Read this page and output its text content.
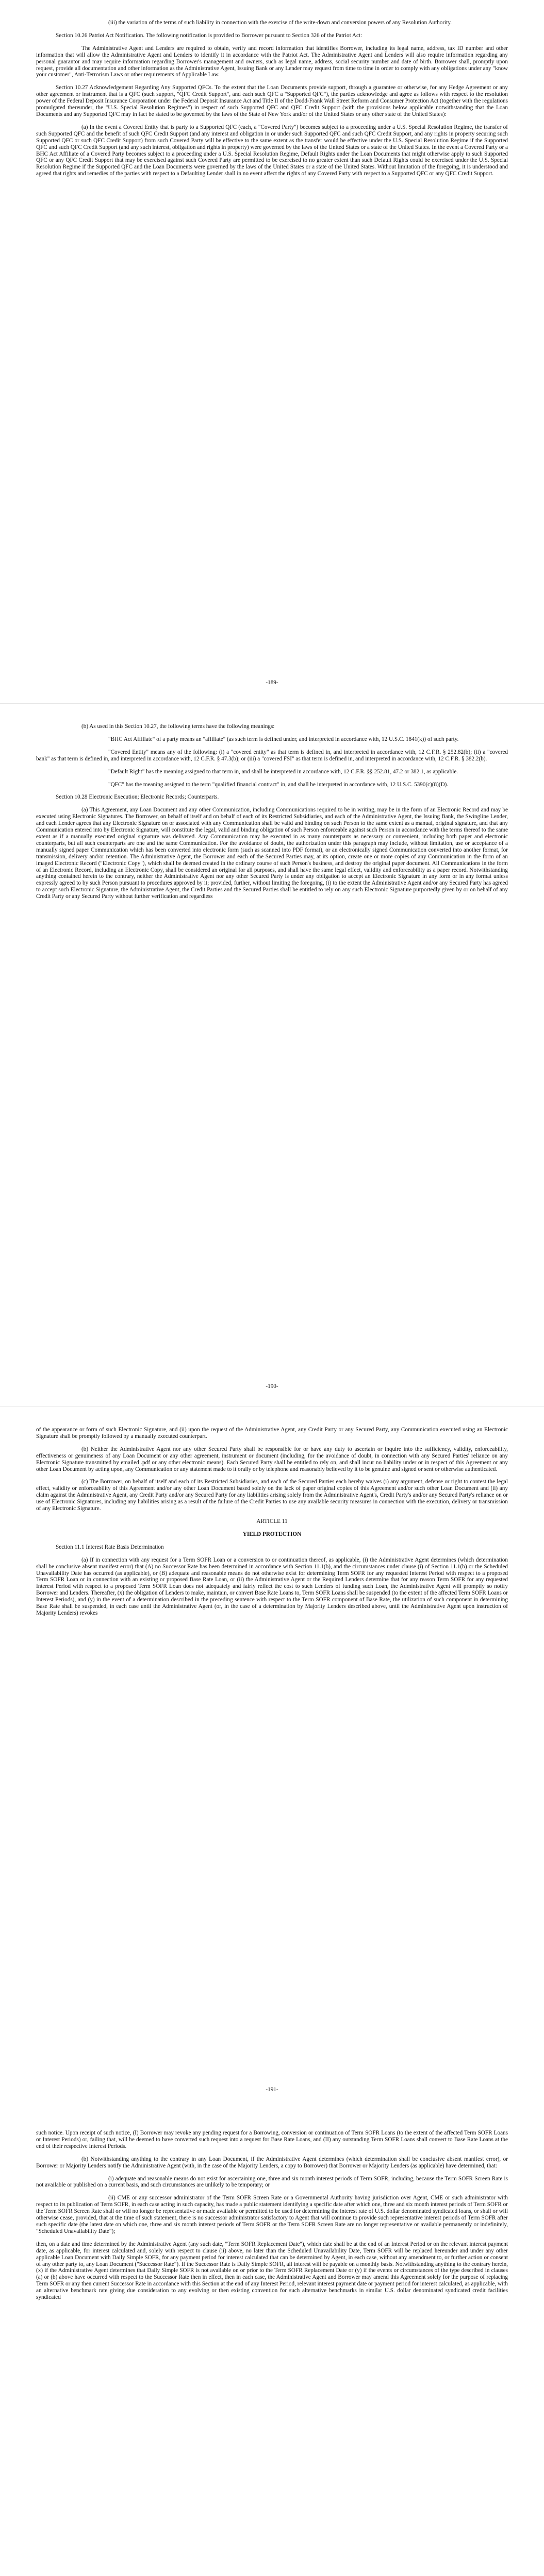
(iii) the variation of the terms of such liability in connection with the exercise of the write-down and conversion powers of any Resolution Authority.

Section 10.26 Patriot Act Notification. The following notification is provided to Borrower pursuant to Section 326 of the Patriot Act:

The Administrative Agent and Lenders are required to obtain, verify and record information that identifies Borrower, including its legal name, address, tax ID number and other information that will allow the Administrative Agent and Lenders to identify it in accordance with the Patriot Act. The Administrative Agent and Lenders will also require information regarding any personal guarantor and may require information regarding Borrower's management and owners, such as legal name, address, social security number and date of birth. Borrower shall, promptly upon request, provide all documentation and other information as the Administrative Agent, Issuing Bank or any Lender may request from time to time in order to comply with any obligations under any "know your customer", Anti-Terrorism Laws or other requirements of Applicable Law.

Section 10.27 Acknowledgement Regarding Any Supported QFCs. To the extent that the Loan Documents provide support, through a guarantee or otherwise, for any Hedge Agreement or any other agreement or instrument that is a QFC (such support, "QFC Credit Support", and each such QFC a "Supported QFC"), the parties acknowledge and agree as follows with respect to the resolution power of the Federal Deposit Insurance Corporation under the Federal Deposit Insurance Act and Title II of the Dodd-Frank Wall Street Reform and Consumer Protection Act (together with the regulations promulgated thereunder, the "U.S. Special Resolution Regimes") in respect of such Supported QFC and QFC Credit Support (with the provisions below applicable notwithstanding that the Loan Documents and any Supported QFC may in fact be stated to be governed by the laws of the State of New York and/or of the United States or any other state of the United States):

(a) In the event a Covered Entity that is party to a Supported QFC (each, a "Covered Party") becomes subject to a proceeding under a U.S. Special Resolution Regime, the transfer of such Supported QFC and the benefit of such QFC Credit Support (and any interest and obligation in or under such Supported QFC and such QFC Credit Support, and any rights in property securing such Supported QFC or such QFC Credit Support) from such Covered Party will be effective to the same extent as the transfer would be effective under the U.S. Special Resolution Regime if the Supported QFC and such QFC Credit Support (and any such interest, obligation and rights in property) were governed by the laws of the United States or a state of the United States. In the event a Covered Party or a BHC Act Affiliate of a Covered Party becomes subject to a proceeding under a U.S. Special Resolution Regime, Default Rights under the Loan Documents that might otherwise apply to such Supported QFC or any QFC Credit Support that may be exercised against such Covered Party are permitted to be exercised to no greater extent than such Default Rights could be exercised under the U.S. Special Resolution Regime if the Supported QFC and the Loan Documents were governed by the laws of the United States or a state of the United States. Without limitation of the foregoing, it is understood and agreed that rights and remedies of the parties with respect to a Defaulting Lender shall in no event affect the rights of any Covered Party with respect to a Supported QFC or any QFC Credit Support.

-189-

(b) As used in this Section 10.27, the following terms have the following meanings:

"BHC Act Affiliate" of a party means an "affiliate" (as such term is defined under, and interpreted in accordance with, 12 U.S.C. 1841(k)) of such party.

"Covered Entity" means any of the following: (i) a "covered entity" as that term is defined in, and interpreted in accordance with, 12 C.F.R. § 252.82(b); (ii) a "covered bank" as that term is defined in, and interpreted in accordance with, 12 C.F.R. § 47.3(b); or (iii) a "covered FSI" as that term is defined in, and interpreted in accordance with, 12 C.F.R. § 382.2(b).

"Default Right" has the meaning assigned to that term in, and shall be interpreted in accordance with, 12 C.F.R. §§ 252.81, 47.2 or 382.1, as applicable.

"QFC" has the meaning assigned to the term "qualified financial contract" in, and shall be interpreted in accordance with, 12 U.S.C. 5390(c)(8)(D).

Section 10.28 Electronic Execution; Electronic Records; Counterparts.

(a) This Agreement, any Loan Document and any other Communication, including Communications required to be in writing, may be in the form of an Electronic Record and may be executed using Electronic Signatures. The Borrower, on behalf of itself and on behalf of each of its Restricted Subsidiaries, and each of the Administrative Agent, the Issuing Bank, the Swingline Lender, and each Lender agrees that any Electronic Signature on or associated with any Communication shall be valid and binding on such Person to the same extent as a manual, original signature, and that any Communication entered into by Electronic Signature, will constitute the legal, valid and binding obligation of such Person enforceable against such Person in accordance with the terms thereof to the same extent as if a manually executed original signature was delivered. Any Communication may be executed in as many counterparts as necessary or convenient, including both paper and electronic counterparts, but all such counterparts are one and the same Communication. For the avoidance of doubt, the authorization under this paragraph may include, without limitation, use or acceptance of a manually signed paper Communication which has been converted into electronic form (such as scanned into PDF format), or an electronically signed Communication converted into another format, for transmission, delivery and/or retention. The Administrative Agent, the Borrower and each of the Secured Parties may, at its option, create one or more copies of any Communication in the form of an imaged Electronic Record ("Electronic Copy"), which shall be deemed created in the ordinary course of such Person's business, and destroy the original paper document. All Communications in the form of an Electronic Record, including an Electronic Copy, shall be considered an original for all purposes, and shall have the same legal effect, validity and enforceability as a paper record. Notwithstanding anything contained herein to the contrary, neither the Administrative Agent nor any other Secured Party is under any obligation to accept an Electronic Signature in any form or in any format unless expressly agreed to by such Person pursuant to procedures approved by it; provided, further, without limiting the foregoing, (i) to the extent the Administrative Agent and/or any Secured Party has agreed to accept such Electronic Signature, the Administrative Agent, the Credit Parties and the Secured Parties shall be entitled to rely on any such Electronic Signature purportedly given by or on behalf of any Credit Party or any Secured Party without further verification and regardless

-190-

of the appearance or form of such Electronic Signature, and (ii) upon the request of the Administrative Agent, any Credit Party or any Secured Party, any Communication executed using an Electronic Signature shall be promptly followed by a manually executed counterpart.

(b) Neither the Administrative Agent nor any other Secured Party shall be responsible for or have any duty to ascertain or inquire into the sufficiency, validity, enforceability, effectiveness or genuineness of any Loan Document or any other agreement, instrument or document (including, for the avoidance of doubt, in connection with any Secured Parties' reliance on any Electronic Signature transmitted by emailed .pdf or any other electronic means). Each Secured Party shall be entitled to rely on, and shall incur no liability under or in respect of this Agreement or any other Loan Document by acting upon, any Communication or any statement made to it orally or by telephone and reasonably believed by it to be genuine and signed or sent or otherwise authenticated.

(c) The Borrower, on behalf of itself and each of its Restricted Subsidiaries, and each of the Secured Parties each hereby waives (i) any argument, defense or right to contest the legal effect, validity or enforceability of this Agreement and/or any other Loan Document based solely on the lack of paper original copies of this Agreement and/or such other Loan Document and (ii) any claim against the Administrative Agent, any Credit Party and/or any Secured Party for any liabilities arising solely from the Administrative Agent's, Credit Party's and/or any Secured Party's reliance on or use of Electronic Signatures, including any liabilities arising as a result of the failure of the Credit Parties to use any available security measures in connection with the execution, delivery or transmission of any Electronic Signature.

ARTICLE 11

YIELD PROTECTION

Section 11.1 Interest Rate Basis Determination

(a) If in connection with any request for a Term SOFR Loan or a conversion to or continuation thereof, as applicable, (i) the Administrative Agent determines (which determination shall be conclusive absent manifest error) that (A) no Successor Rate has been determined in accordance with Section 11.1(b), and the circumstances under clause (i) of Section 11.1(b) or the Scheduled Unavailability Date has occurred (as applicable), or (B) adequate and reasonable means do not otherwise exist for determining Term SOFR for any requested Interest Period with respect to a proposed Term SOFR Loan or in connection with an existing or proposed Base Rate Loan, or (ii) the Administrative Agent or the Required Lenders determine that for any reason Term SOFR for any requested Interest Period with respect to a proposed Term SOFR Loan does not adequately and fairly reflect the cost to such Lenders of funding such Loan, the Administrative Agent will promptly so notify Borrower and Lenders. Thereafter, (x) the obligation of Lenders to make, maintain, or convert Base Rate Loans to, Term SOFR Loans shall be suspended (to the extent of the affected Term SOFR Loans or Interest Periods), and (y) in the event of a determination described in the preceding sentence with respect to the Term SOFR component of Base Rate, the utilization of such component in determining Base Rate shall be suspended, in each case until the Administrative Agent (or, in the case of a determination by Majority Lenders described above, until the Administrative Agent upon instruction of Majority Lenders) revokes

-191-

such notice. Upon receipt of such notice, (I) Borrower may revoke any pending request for a Borrowing, conversion or continuation of Term SOFR Loans (to the extent of the affected Term SOFR Loans or Interest Periods) or, failing that, will be deemed to have converted such request into a request for Base Rate Loans, and (II) any outstanding Term SOFR Loans shall convert to Base Rate Loans at the end of their respective Interest Periods.

(b) Notwithstanding anything to the contrary in any Loan Document, if the Administrative Agent determines (which determination shall be conclusive absent manifest error), or Borrower or Majority Lenders notify the Administrative Agent (with, in the case of the Majority Lenders, a copy to Borrower) that Borrower or Majority Lenders (as applicable) have determined, that:

(i) adequate and reasonable means do not exist for ascertaining one, three and six month interest periods of Term SOFR, including, because the Term SOFR Screen Rate is not available or published on a current basis, and such circumstances are unlikely to be temporary; or

(ii) CME or any successor administrator of the Term SOFR Screen Rate or a Governmental Authority having jurisdiction over Agent, CME or such administrator with respect to its publication of Term SOFR, in each case acting in such capacity, has made a public statement identifying a specific date after which one, three and six month interest periods of Term SOFR or the Term SOFR Screen Rate shall or will no longer be representative or made available or permitted to be used for determining the interest rate of U.S. dollar denominated syndicated loans, or shall or will otherwise cease, provided, that at the time of such statement, there is no successor administrator satisfactory to Agent that will continue to provide such representative interest periods of Term SOFR after such specific date (the latest date on which one, three and six month interest periods of Term SOFR or the Term SOFR Screen Rate are no longer representative or available permanently or indefinitely, "Scheduled Unavailability Date");

then, on a date and time determined by the Administrative Agent (any such date, "Term SOFR Replacement Date"), which date shall be at the end of an Interest Period or on the relevant interest payment date, as applicable, for interest calculated and, solely with respect to clause (ii) above, no later than the Scheduled Unavailability Date, Term SOFR will be replaced hereunder and under any other applicable Loan Document with Daily Simple SOFR, for any payment period for interest calculated that can be determined by Agent, in each case, without any amendment to, or further action or consent of any other party to, any Loan Document ("Successor Rate"). If the Successor Rate is Daily Simple SOFR, all interest will be payable on a monthly basis. Notwithstanding anything to the contrary herein, (x) if the Administrative Agent determines that Daily Simple SOFR is not available on or prior to the Term SOFR Replacement Date or (y) if the events or circumstances of the type described in clauses (a) or (b) above have occurred with respect to the Successor Rate then in effect, then in each case, the Administrative Agent and Borrower may amend this Agreement solely for the purpose of replacing Term SOFR or any then current Successor Rate in accordance with this Section at the end of any Interest Period, relevant interest payment date or payment period for interest calculated, as applicable, with an alternative benchmark rate giving due consideration to any evolving or then existing convention for such alternative benchmarks in similar U.S. dollar denominated syndicated credit facilities syndicated
